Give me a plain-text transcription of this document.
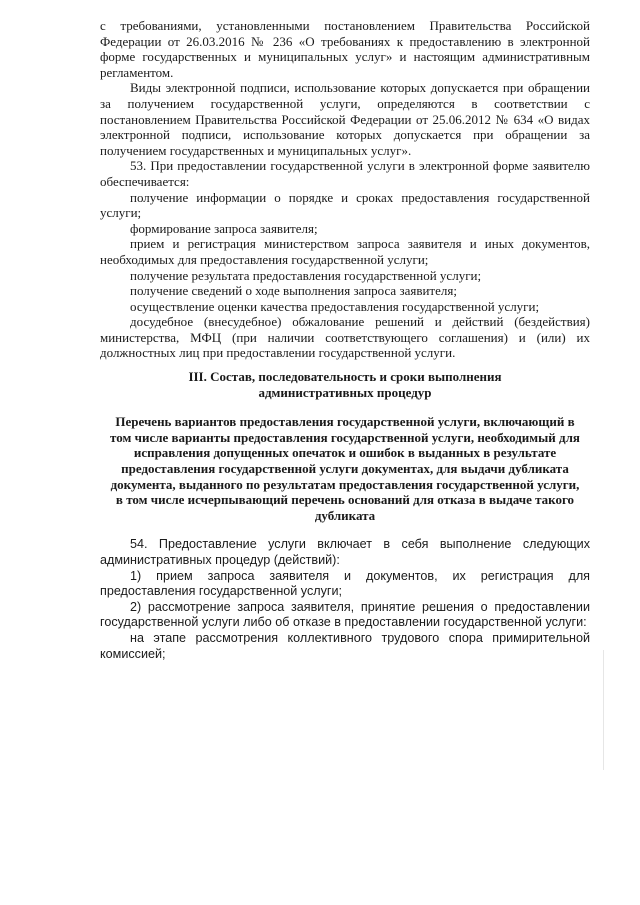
с требованиями, установленными постановлением Правительства Российской Федерации от 26.03.2016 № 236 «О требованиях к предоставлению в электронной форме государственных и муниципальных услуг» и настоящим административным регламентом.

Виды электронной подписи, использование которых допускается при обращении за получением государственной услуги, определяются в соответствии с постановлением Правительства Российской Федерации от 25.06.2012 № 634 «О видах электронной подписи, использование которых допускается при обращении за получением государственных и муниципальных услуг».

53. При предоставлении государственной услуги в электронной форме заявителю обеспечивается:

получение информации о порядке и сроках предоставления государственной услуги;

формирование запроса заявителя;

прием и регистрация министерством запроса заявителя и иных документов, необходимых для предоставления государственной услуги;

получение результата предоставления государственной услуги;

получение сведений о ходе выполнения запроса заявителя;

осуществление оценки качества предоставления государственной услуги;

досудебное (внесудебное) обжалование решений и действий (бездействия) министерства, МФЦ (при наличии соответствующего соглашения) и (или) их должностных лиц при предоставлении государственной услуги.

III. Состав, последовательность и сроки выполнения административных процедур

Перечень вариантов предоставления государственной услуги, включающий в том числе варианты предоставления государственной услуги, необходимый для исправления допущенных опечаток и ошибок в выданных в результате предоставления государственной услуги документах, для выдачи дубликата документа, выданного по результатам предоставления государственной услуги, в том числе исчерпывающий перечень оснований для отказа в выдаче такого дубликата

54. Предоставление услуги включает в себя выполнение следующих административных процедур (действий):

1) прием запроса заявителя и документов, их регистрация для предоставления государственной услуги;

2) рассмотрение запроса заявителя, принятие решения о предоставлении государственной услуги либо об отказе в предоставлении государственной услуги:

на этапе рассмотрения коллективного трудового спора примирительной комиссией;
